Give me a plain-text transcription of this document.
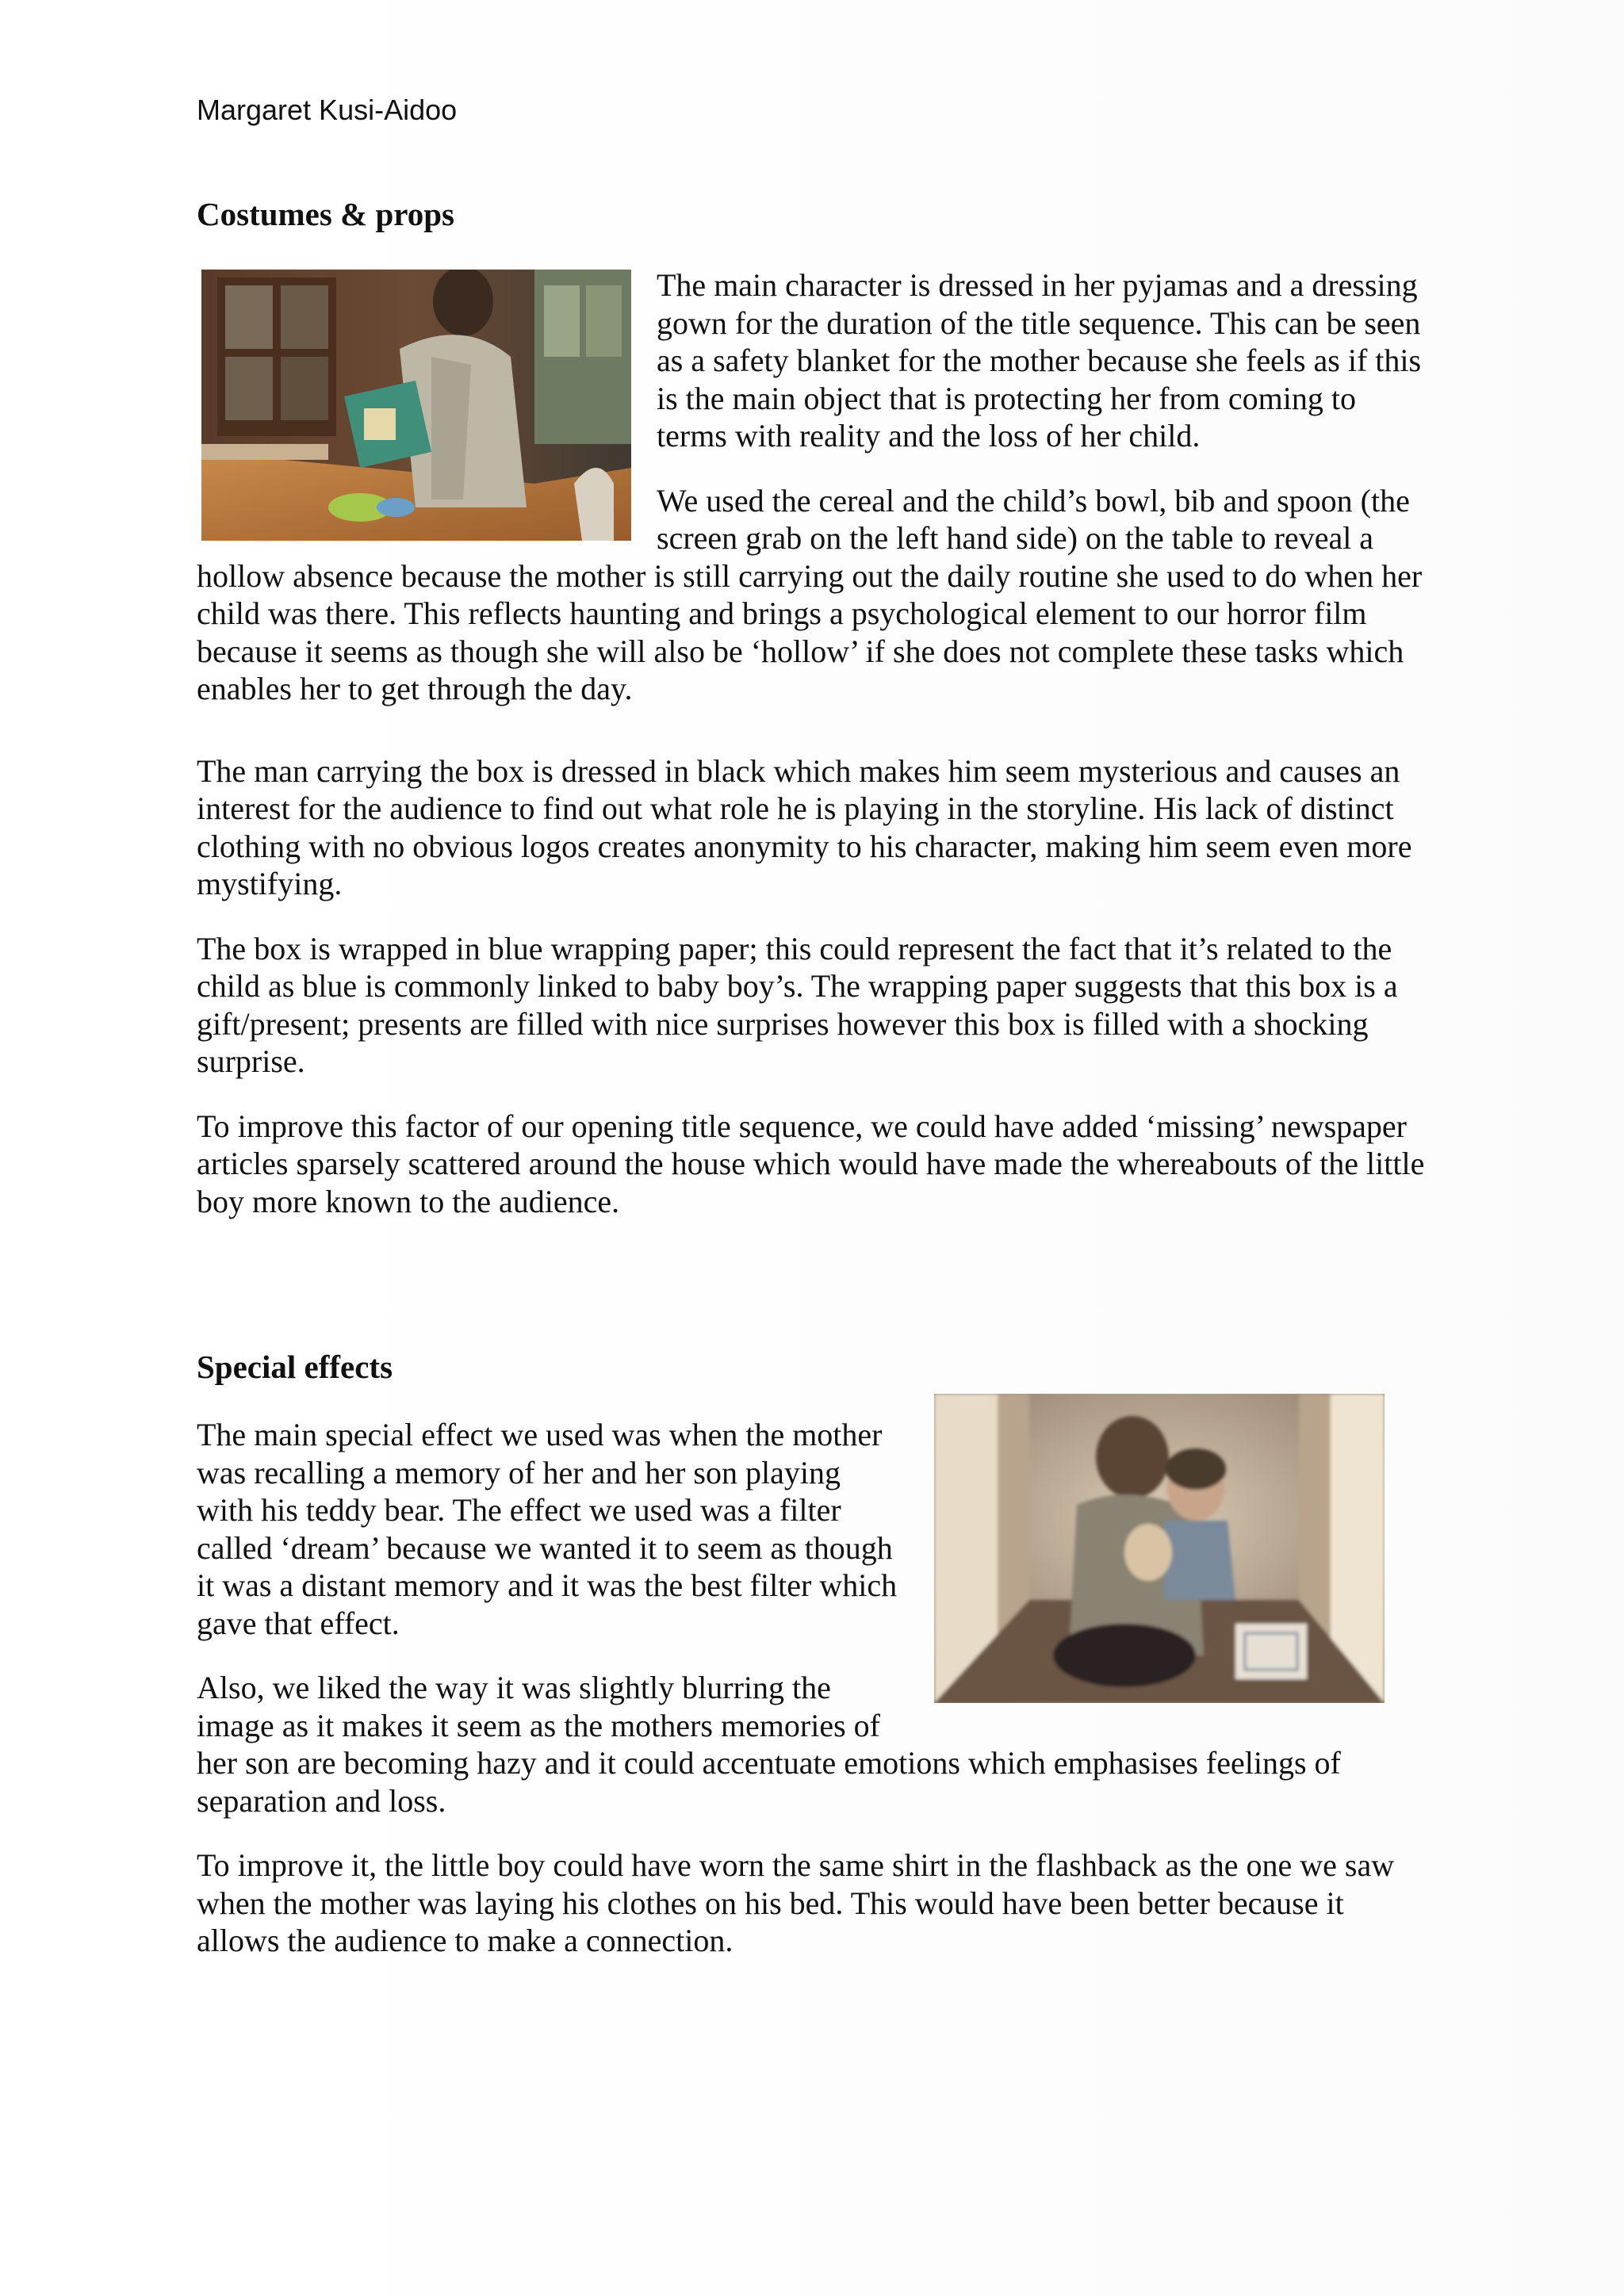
Margaret Kusi-Aidoo
Costumes & props

The main character is dressed in her pyjamas and a dressing gown for the duration of the title sequence. This can be seen as a safety blanket for the mother because she feels as if this is the main object that is protecting her from coming to terms with reality and the loss of her child.

We used the cereal and the child’s bowl, bib and spoon (the screen grab on the left hand side) on the table to reveal a hollow absence because the mother is still carrying out the daily routine she used to do when her child was there. This reflects haunting and brings a psychological element to our horror film because it seems as though she will also be ‘hollow’ if she does not complete these tasks which enables her to get through the day.

The man carrying the box is dressed in black which makes him seem mysterious and causes an interest for the audience to find out what role he is playing in the storyline. His lack of distinct clothing with no obvious logos creates anonymity to his character, making him seem even more mystifying.

The box is wrapped in blue wrapping paper; this could represent the fact that it’s related to the child as blue is commonly linked to baby boy’s. The wrapping paper suggests that this box is a gift/present; presents are filled with nice surprises however this box is filled with a shocking surprise.

To improve this factor of our opening title sequence, we could have added ‘missing’ newspaper articles sparsely scattered around the house which would have made the whereabouts of the little boy more known to the audience.

Special effects

The main special effect we used was when the mother was recalling a memory of her and her son playing with his teddy bear. The effect we used was a filter called ‘dream’ because we wanted it to seem as though it was a distant memory and it was the best filter which gave that effect.

Also, we liked the way it was slightly blurring the image as it makes it seem as the mothers memories of her son are becoming hazy and it could accentuate emotions which emphasises feelings of separation and loss.

To improve it, the little boy could have worn the same shirt in the flashback as the one we saw when the mother was laying his clothes on his bed. This would have been better because it allows the audience to make a connection.
